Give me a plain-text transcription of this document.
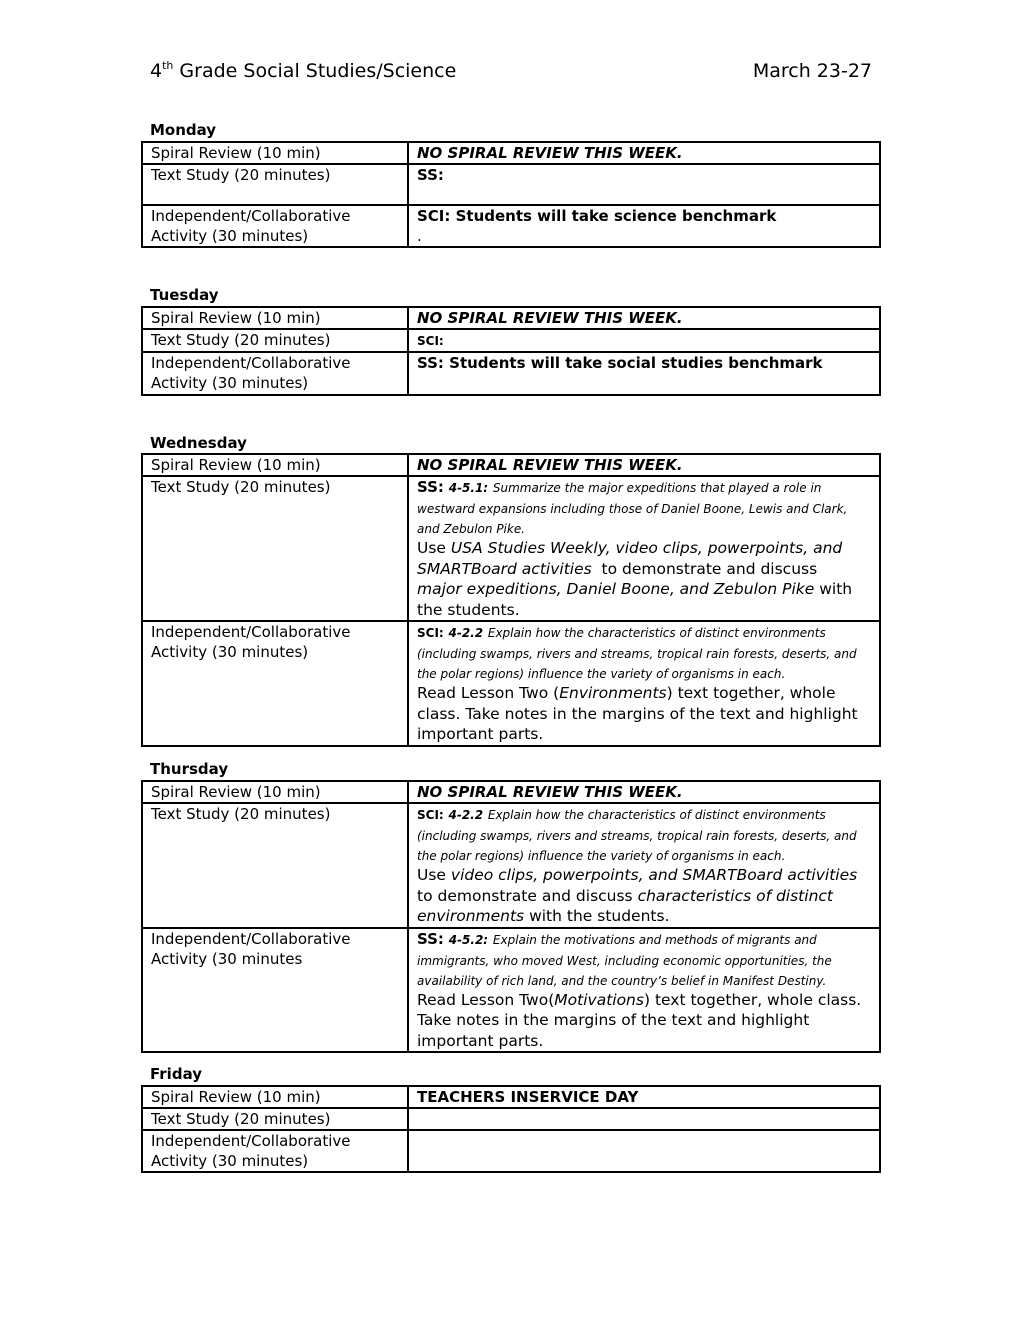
4th Grade Social Studies/Science	March 23-27
Monday
Spiral Review (10 min)	NO SPIRAL REVIEW THIS WEEK.
Text Study (20 minutes)	SS:
Independent/Collaborative
Activity (30 minutes)	SCI: Students will take science benchmark
.
Tuesday
Spiral Review (10 min)	NO SPIRAL REVIEW THIS WEEK.
Text Study (20 minutes)	SCI:
Independent/Collaborative
Activity (30 minutes)	SS: Students will take social studies benchmark
Wednesday
Spiral Review (10 min)	NO SPIRAL REVIEW THIS WEEK.
Text Study (20 minutes)	SS: 4-5.1: Summarize the major expeditions that played a role in westward expansions including those of Daniel Boone, Lewis and Clark, and Zebulon Pike.
Use USA Studies Weekly, video clips, powerpoints, and SMARTBoard activities  to demonstrate and discuss  major expeditions, Daniel Boone, and Zebulon Pike with the students.

Independent/Collaborative
Activity (30 minutes)	SCI: 4-2.2 Explain how the characteristics of distinct environments (including swamps, rivers and streams, tropical rain forests, deserts, and the polar regions) influence the variety of organisms in each.
Read Lesson Two (Environments) text together, whole class. Take notes in the margins of the text and highlight important parts.
Thursday
Spiral Review (10 min)	NO SPIRAL REVIEW THIS WEEK.
Text Study (20 minutes)	SCI: 4-2.2 Explain how the characteristics of distinct environments (including swamps, rivers and streams, tropical rain forests, deserts, and the polar regions) influence the variety of organisms in each.
Use video clips, powerpoints, and SMARTBoard activities  to demonstrate and discuss characteristics of distinct environments with the students.

Independent/Collaborative
Activity (30 minutes	SS: 4-5.2: Explain the motivations and methods of migrants and immigrants, who moved West, including economic opportunities, the availability of rich land, and the country’s belief in Manifest Destiny.
Read Lesson Two(Motivations) text together, whole class. Take notes in the margins of the text and highlight important parts.
Friday
Spiral Review (10 min)	TEACHERS INSERVICE DAY
Text Study (20 minutes)	
Independent/Collaborative
Activity (30 minutes)	
